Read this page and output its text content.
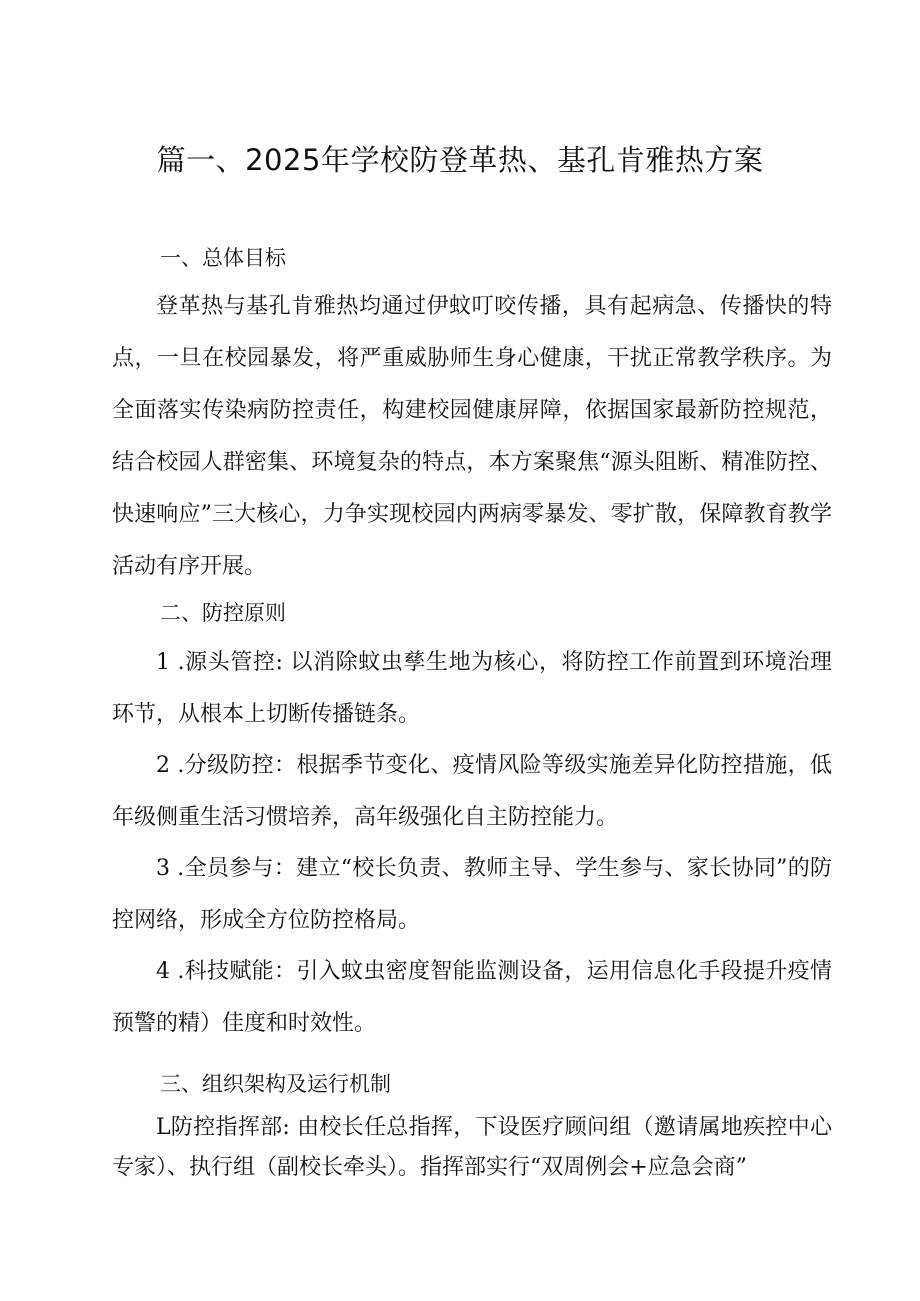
篇一、2025年学校防登革热、基孔肯雅热方案
一、总体目标

登革热与基孔肯雅热均通过伊蚊叮咬传播，具有起病急、传播快的特点，一旦在校园暴发，将严重威胁师生身心健康，干扰正常教学秩序。为全面落实传染病防控责任，构建校园健康屏障，依据国家最新防控规范，结合校园人群密集、环境复杂的特点，本方案聚焦“源头阻断、精准防控、快速响应”三大核心，力争实现校园内两病零暴发、零扩散，保障教育教学活动有序开展。

二、防控原则

1 .源头管控: 以消除蚊虫孳生地为核心，将防控工作前置到环境治理环节，从根本上切断传播链条。

2 .分级防控：根据季节变化、疫情风险等级实施差异化防控措施，低年级侧重生活习惯培养，高年级强化自主防控能力。

3 .全员参与：建立“校长负责、教师主导、学生参与、家长协同”的防控网络，形成全方位防控格局。

4 .科技赋能：引入蚊虫密度智能监测设备，运用信息化手段提升疫情预警的精）佳度和时效性。

三、组织架构及运行机制

L防控指挥部: 由校长任总指挥，下设医疗顾问组（邀请属地疾控中心专家）、执行组（副校长牵头）。指挥部实行“双周例会+应急会商”
